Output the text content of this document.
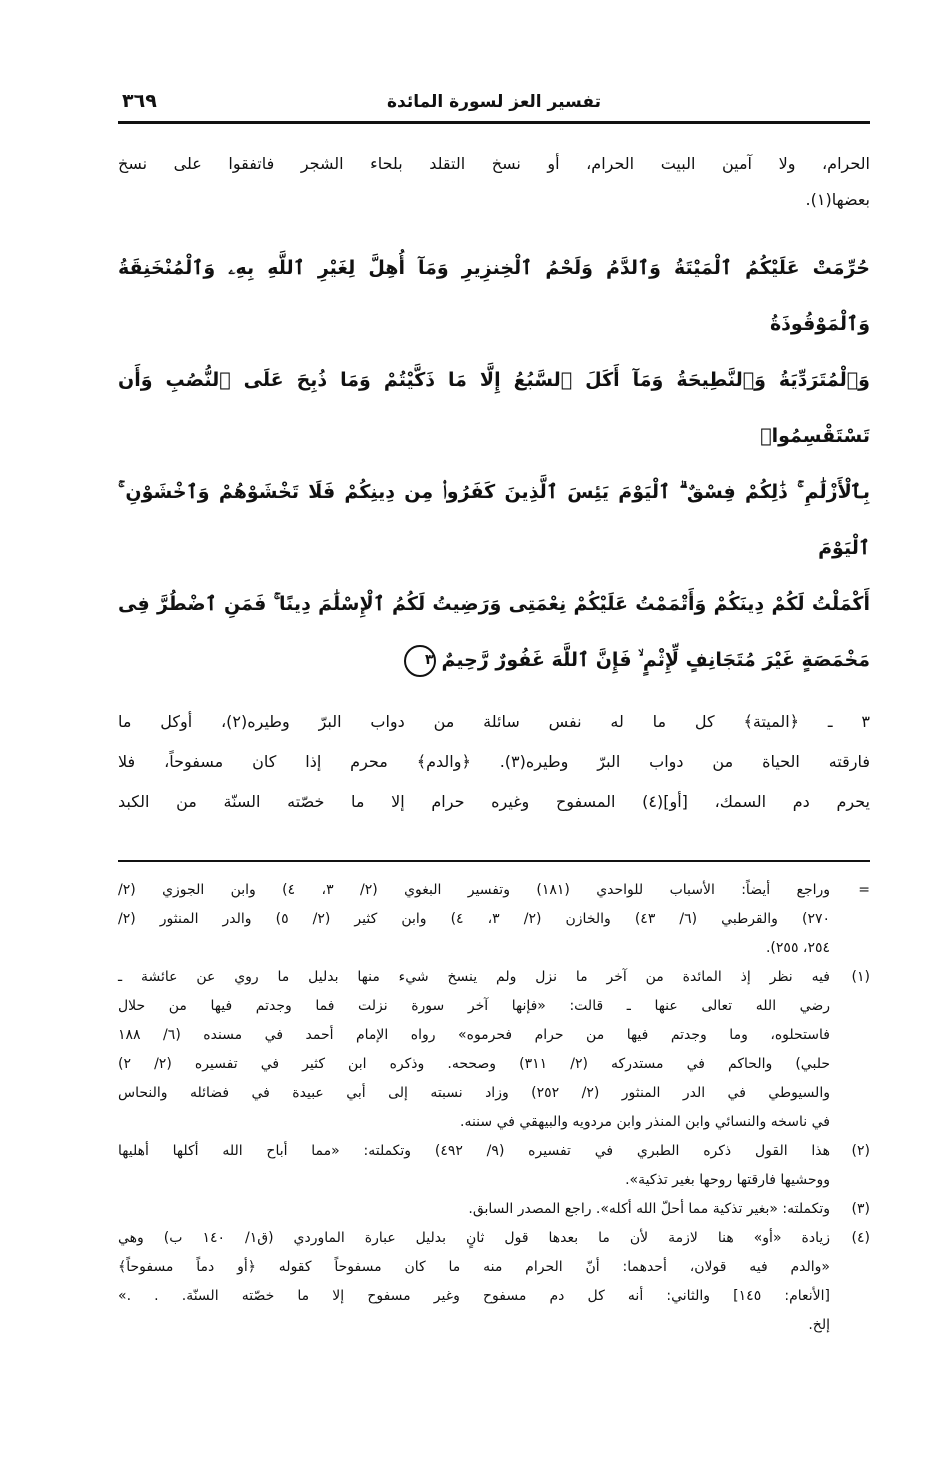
تفسير العز لسورة المائدة
٣٦٩
الحرام، ولا آمين البيت الحرام، أو نسخ التقلد بلحاء الشجر فاتفقوا على نسخ
بعضها(١).
حُرِّمَتْ عَلَيْكُمُ ٱلْمَيْتَةُ وَٱلدَّمُ وَلَحْمُ ٱلْخِنزِيرِ وَمَآ أُهِلَّ لِغَيْرِ ٱللَّهِ بِهِۦ وَٱلْمُنْخَنِقَةُ وَٱلْمَوْقُوذَةُ
وَٱلْمُتَرَدِّيَةُ وَٱلنَّطِيحَةُ وَمَآ أَكَلَ ٱلسَّبُعُ إِلَّا مَا ذَكَّيْتُمْ وَمَا ذُبِحَ عَلَى ٱلنُّصُبِ وَأَن تَسْتَقْسِمُوا۟
بِٱلْأَزْلَٰمِ ۚ ذَٰلِكُمْ فِسْقٌ ۗ ٱلْيَوْمَ يَئِسَ ٱلَّذِينَ كَفَرُوا۟ مِن دِينِكُمْ فَلَا تَخْشَوْهُمْ وَٱخْشَوْنِ ۚ ٱلْيَوْمَ
أَكْمَلْتُ لَكُمْ دِينَكُمْ وَأَتْمَمْتُ عَلَيْكُمْ نِعْمَتِى وَرَضِيتُ لَكُمُ ٱلْإِسْلَٰمَ دِينًا ۚ فَمَنِ ٱضْطُرَّ فِى
مَخْمَصَةٍ غَيْرَ مُتَجَانِفٍ لِّإِثْمٍ ۙ فَإِنَّ ٱللَّهَ غَفُورٌ رَّحِيمٌ٣
٣ ـ ﴿الميتة﴾ كل ما له نفس سائلة من دواب البرّ وطيره(٢)، أوكل ما
فارقته الحياة من دواب البرّ وطيره(٣). ﴿والدم﴾ محرم إذا كان مسفوحاً، فلا
يحرم دم السمك، [أو](٤) المسفوح وغيره حرام إلا ما خصّته السنّة من الكبد
=
وراجع أيضاً: الأسباب للواحدي (١٨١) وتفسير البغوي (٢/ ٣، ٤) وابن الجوزي (٢/
٢٧٠) والقرطبي (٦/ ٤٣) والخازن (٢/ ٣، ٤) وابن كثير (٢/ ٥) والدر المنثور (٢/
٢٥٤، ٢٥٥).
(١)
فيه نظر إذ المائدة من آخر ما نزل ولم ينسخ شيء منها بدليل ما روي عن عائشة ـ
رضي الله تعالى عنها ـ قالت: «فإنها آخر سورة نزلت فما وجدتم فيها من حلال
فاستحلوه، وما وجدتم فيها من حرام فحرموه» رواه الإمام أحمد في مسنده (٦/ ١٨٨
حلبي) والحاكم في مستدركه (٢/ ٣١١) وصححه. وذكره ابن كثير في تفسيره (٢/ ٢)
والسيوطي في الدر المنثور (٢/ ٢٥٢) وزاد نسبته إلى أبي عبيدة في فضائله والنحاس
في ناسخه والنسائي وابن المنذر وابن مردويه والبيهقي في سننه.
(٢)
هذا القول ذكره الطبري في تفسيره (٩/ ٤٩٢) وتكملته: «مما أباح الله أكلها أهليها
ووحشيها فارقتها روحها بغير تذكية».
(٣)
وتكملته: «بغير تذكية مما أحلّ الله أكله». راجع المصدر السابق.
(٤)
زيادة «أو» هنا لازمة لأن ما بعدها قول ثانٍ بدليل عبارة الماوردي (ق١/ ١٤٠ ب) وهي
«والدم فيه قولان، أحدهما: أنّ الحرام منه ما كان مسفوحاً كقوله ﴿أو دماً مسفوحاً﴾
[الأنعام: ١٤٥] والثاني: أنه كل دم مسفوح وغير مسفوح إلا ما خصّته السنّة. . .»
إلخ.
